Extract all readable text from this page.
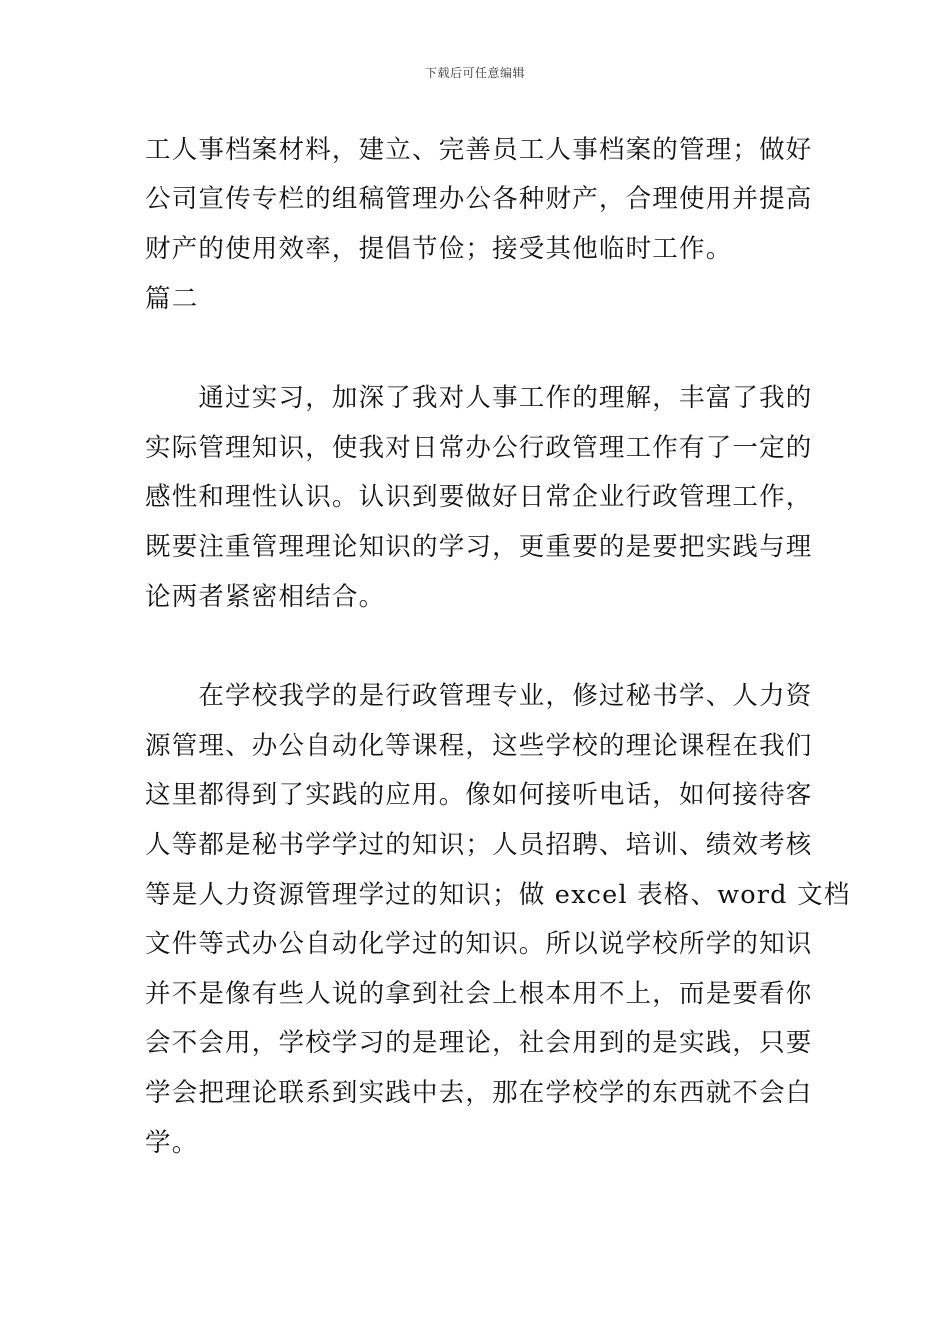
下载后可任意编辑
工人事档案材料，建立、完善员工人事档案的管理；做好
公司宣传专栏的组稿管理办公各种财产，合理使用并提高
财产的使用效率，提倡节俭；接受其他临时工作。
篇二
　　通过实习，加深了我对人事工作的理解，丰富了我的
实际管理知识，使我对日常办公行政管理工作有了一定的
感性和理性认识。认识到要做好日常企业行政管理工作，
既要注重管理理论知识的学习，更重要的是要把实践与理
论两者紧密相结合。
　　在学校我学的是行政管理专业，修过秘书学、人力资
源管理、办公自动化等课程，这些学校的理论课程在我们
这里都得到了实践的应用。像如何接听电话，如何接待客
人等都是秘书学学过的知识；人员招聘、培训、绩效考核
等是人力资源管理学过的知识；做 excel 表格、word 文档
文件等式办公自动化学过的知识。所以说学校所学的知识
并不是像有些人说的拿到社会上根本用不上，而是要看你
会不会用，学校学习的是理论，社会用到的是实践，只要
学会把理论联系到实践中去，那在学校学的东西就不会白
学。
